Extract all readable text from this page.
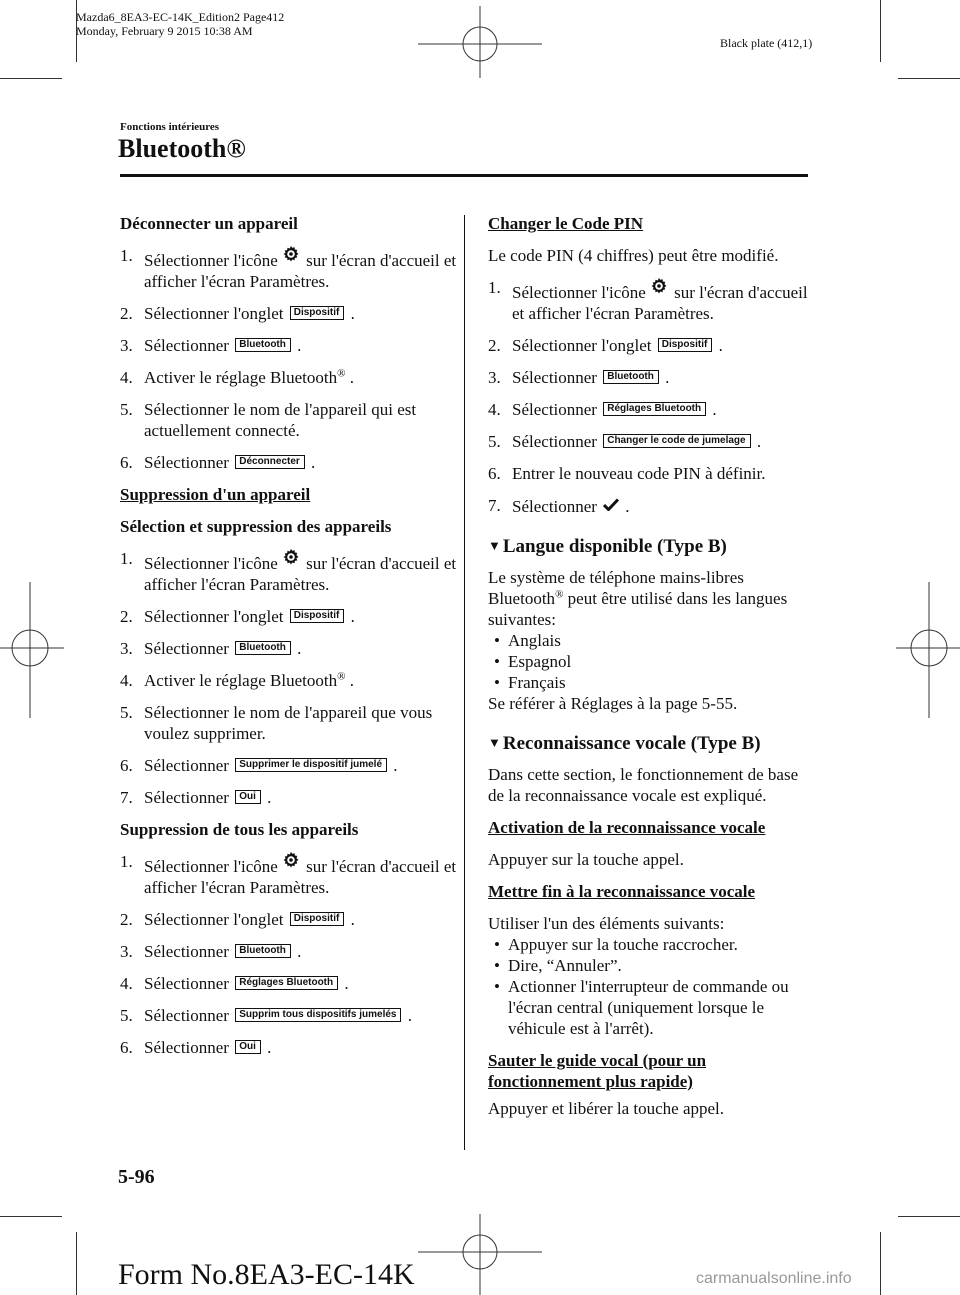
Mazda6_8EA3-EC-14K_Edition2 Page412
Monday, February 9 2015 10:38 AM
Black plate (412,1)
Fonctions intérieures
Bluetooth®
Déconnecter un appareil
1. Sélectionner l'icône sur l'écran d'accueil et afficher l'écran Paramètres.
2. Sélectionner l'onglet Dispositif .
3. Sélectionner Bluetooth .
4. Activer le réglage Bluetooth® .
5. Sélectionner le nom de l'appareil qui est actuellement connecté.
6. Sélectionner Déconnecter .
Suppression d'un appareil
Sélection et suppression des appareils
1. Sélectionner l'icône sur l'écran d'accueil et afficher l'écran Paramètres.
2. Sélectionner l'onglet Dispositif .
3. Sélectionner Bluetooth .
4. Activer le réglage Bluetooth® .
5. Sélectionner le nom de l'appareil que vous voulez supprimer.
6. Sélectionner Supprimer le dispositif jumelé .
7. Sélectionner Oui .
Suppression de tous les appareils
1. Sélectionner l'icône sur l'écran d'accueil et afficher l'écran Paramètres.
2. Sélectionner l'onglet Dispositif .
3. Sélectionner Bluetooth .
4. Sélectionner Réglages Bluetooth .
5. Sélectionner Supprim tous dispositifs jumelés .
6. Sélectionner Oui .
Changer le Code PIN
Le code PIN (4 chiffres) peut être modifié.
1. Sélectionner l'icône sur l'écran d'accueil et afficher l'écran Paramètres.
2. Sélectionner l'onglet Dispositif .
3. Sélectionner Bluetooth .
4. Sélectionner Réglages Bluetooth .
5. Sélectionner Changer le code de jumelage .
6. Entrer le nouveau code PIN à définir.
7. Sélectionner .
▼ Langue disponible (Type B)
Le système de téléphone mains-libres Bluetooth® peut être utilisé dans les langues suivantes:
• Anglais
• Espagnol
• Français
Se référer à Réglages à la page 5-55.
▼ Reconnaissance vocale (Type B)
Dans cette section, le fonctionnement de base de la reconnaissance vocale est expliqué.
Activation de la reconnaissance vocale
Appuyer sur la touche appel.
Mettre fin à la reconnaissance vocale
Utiliser l'un des éléments suivants:
• Appuyer sur la touche raccrocher.
• Dire, “Annuler”.
• Actionner l'interrupteur de commande ou l'écran central (uniquement lorsque le véhicule est à l'arrêt).
Sauter le guide vocal (pour un fonctionnement plus rapide)
Appuyer et libérer la touche appel.
5-96
Form No.8EA3-EC-14K	carmanualsonline.info
